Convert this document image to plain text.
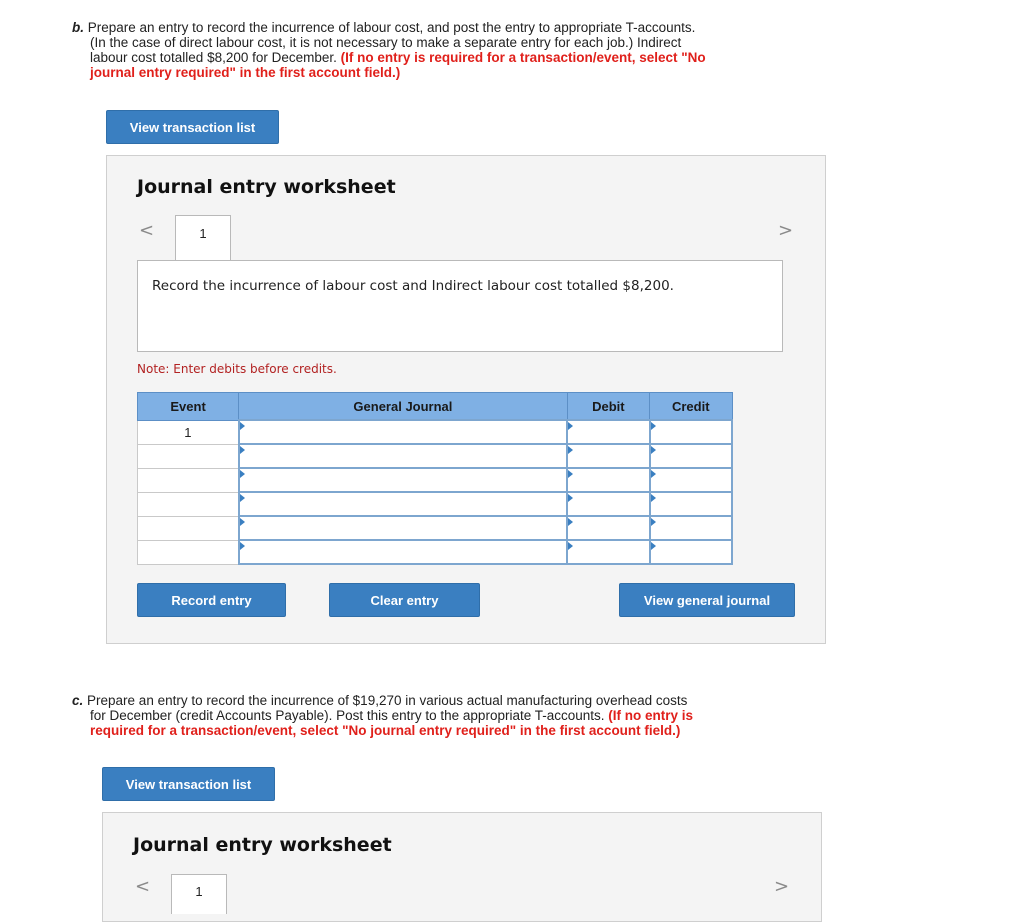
b. Prepare an entry to record the incurrence of labour cost, and post the entry to appropriate T-accounts.
(In the case of direct labour cost, it is not necessary to make a separate entry for each job.) Indirect
labour cost totalled $8,200 for December. (If no entry is required for a transaction/event, select "No
journal entry required" in the first account field.)
View transaction list
Journal entry worksheet
<	>
1
Record the incurrence of labour cost and Indirect labour cost totalled $8,200.
Note: Enter debits before credits.
Event	General Journal	Debit	Credit
1			

Record entry	Clear entry	View general journal
c. Prepare an entry to record the incurrence of $19,270 in various actual manufacturing overhead costs
for December (credit Accounts Payable). Post this entry to the appropriate T-accounts. (If no entry is
required for a transaction/event, select "No journal entry required" in the first account field.)
View transaction list
Journal entry worksheet
<	>
1
